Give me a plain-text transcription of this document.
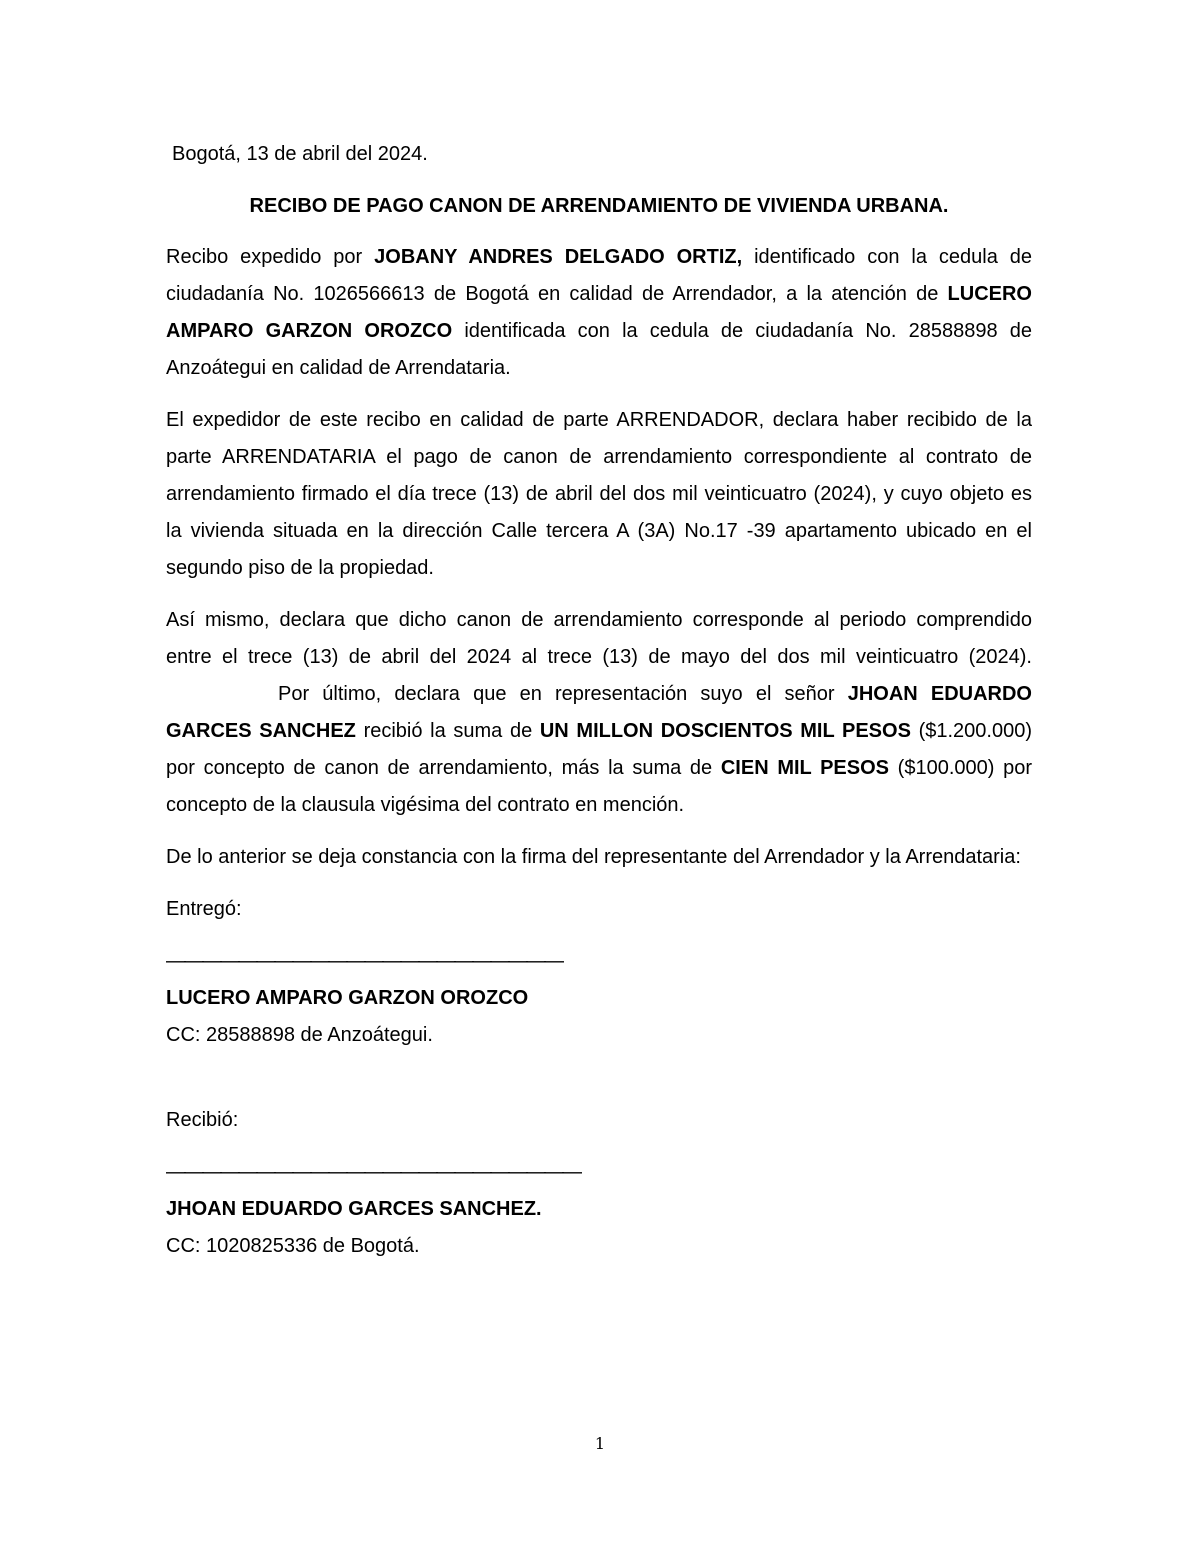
Bogotá, 13 de abril del 2024.

RECIBO DE PAGO CANON DE ARRENDAMIENTO DE VIVIENDA URBANA.

Recibo expedido por JOBANY ANDRES DELGADO ORTIZ, identificado con la cedula de ciudadanía No. 1026566613 de Bogotá en calidad de Arrendador, a la atención de LUCERO AMPARO GARZON OROZCO identificada con la cedula de ciudadanía No. 28588898 de Anzoátegui en calidad de Arrendataria.

El expedidor de este recibo en calidad de parte ARRENDADOR, declara haber recibido de la parte ARRENDATARIA el pago de canon de arrendamiento correspondiente al contrato de arrendamiento firmado el día trece (13) de abril del dos mil veinticuatro (2024), y cuyo objeto es la vivienda situada en la dirección Calle tercera A (3A) No.17 -39 apartamento ubicado en el segundo piso de la propiedad.

Así mismo, declara que dicho canon de arrendamiento corresponde al periodo comprendido entre el trece (13) de abril del 2024 al trece (13) de mayo del dos mil veinticuatro (2024).Por último, declara que en representación suyo el señor JHOAN EDUARDO GARCES SANCHEZ recibió la suma de UN MILLON DOSCIENTOS MIL PESOS ($1.200.000) por concepto de canon de arrendamiento, más la suma de CIEN MIL PESOS ($100.000) por concepto de la clausula vigésima del contrato en mención.

De lo anterior se deja constancia con la firma del representante del Arrendador y la Arrendataria:

Entregó:

——————————————————————

LUCERO AMPARO GARZON OROZCO

CC: 28588898 de Anzoátegui.

Recibió:

———————————————————————

JHOAN EDUARDO GARCES SANCHEZ.

CC: 1020825336 de Bogotá.

1
